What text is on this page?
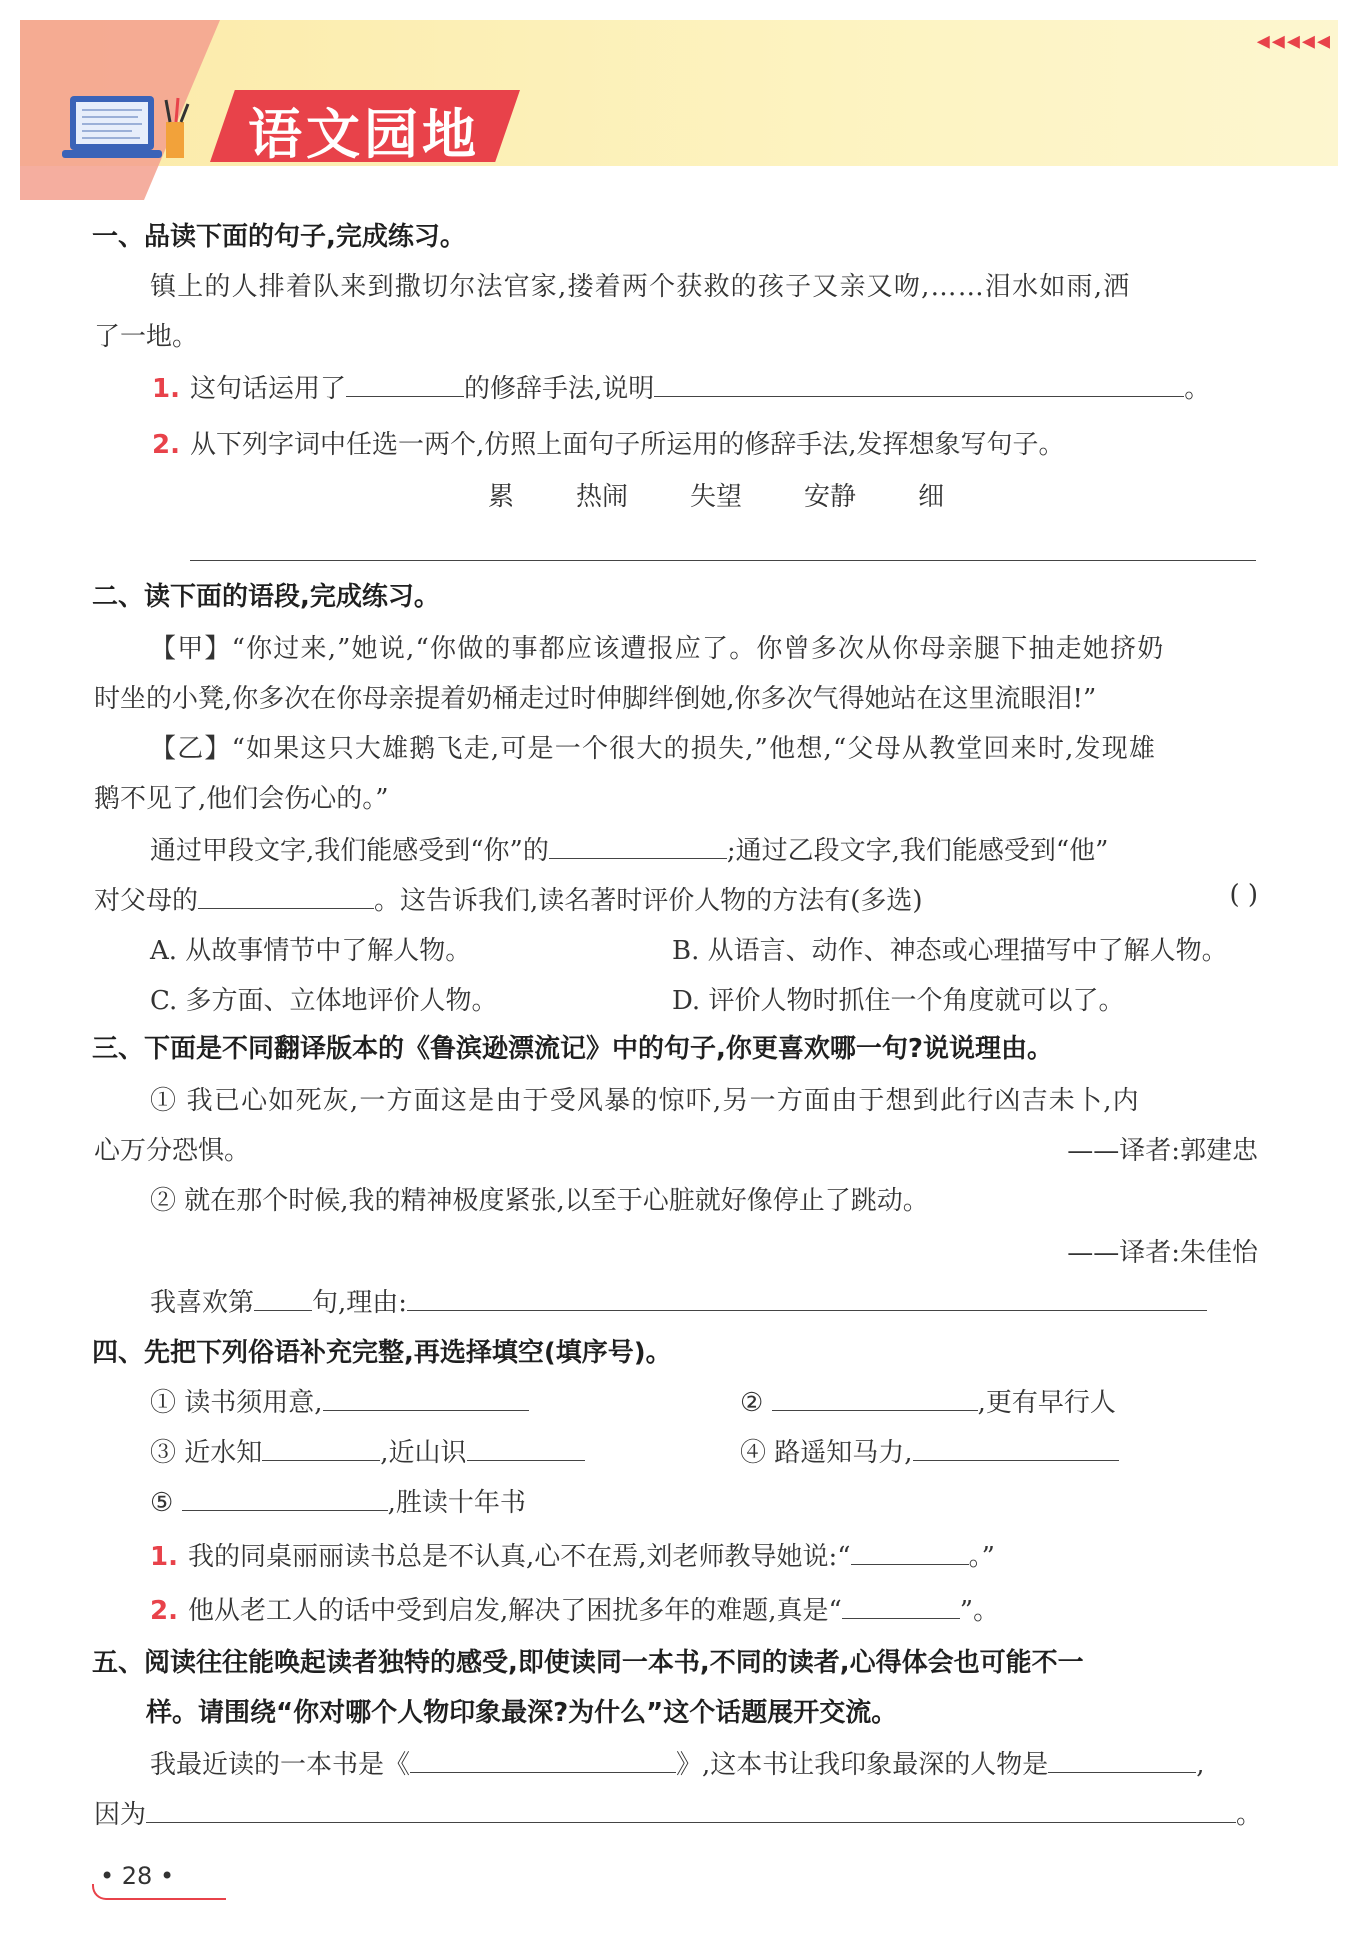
语文园地
◂◂◂◂◂
一、品读下面的句子,完成练习。
镇上的人排着队来到撒切尔法官家,搂着两个获救的孩子又亲又吻,……泪水如雨,洒
了一地。
1. 这句话运用了	的修辞手法,说明	。
2. 从下列字词中任选一两个,仿照上面句子所运用的修辞手法,发挥想象写句子。
累 热闹 失望 安静 细
二、读下面的语段,完成练习。
【甲】“你过来,”她说,“你做的事都应该遭报应了。你曾多次从你母亲腿下抽走她挤奶
时坐的小凳,你多次在你母亲提着奶桶走过时伸脚绊倒她,你多次气得她站在这里流眼泪!”
【乙】“如果这只大雄鹅飞走,可是一个很大的损失,”他想,“父母从教堂回来时,发现雄
鹅不见了,他们会伤心的。”
通过甲段文字,我们能感受到“你”的	;通过乙段文字,我们能感受到“他”
对父母的	。这告诉我们,读名著时评价人物的方法有(多选)	( )
A. 从故事情节中了解人物。	B. 从语言、动作、神态或心理描写中了解人物。
C. 多方面、立体地评价人物。	D. 评价人物时抓住一个角度就可以了。
三、下面是不同翻译版本的《鲁滨逊漂流记》中的句子,你更喜欢哪一句?说说理由。
① 我已心如死灰,一方面这是由于受风暴的惊吓,另一方面由于想到此行凶吉未卜,内
心万分恐惧。	——译者:郭建忠
② 就在那个时候,我的精神极度紧张,以至于心脏就好像停止了跳动。
——译者:朱佳怡
我喜欢第 句,理由:
四、先把下列俗语补充完整,再选择填空(填序号)。
① 读书须用意,	②	,更有早行人
③ 近水知	,近山识	④ 路遥知马力,
⑤	,胜读十年书
1. 我的同桌丽丽读书总是不认真,心不在焉,刘老师教导她说:“	。”
2. 他从老工人的话中受到启发,解决了困扰多年的难题,真是“	”。
五、阅读往往能唤起读者独特的感受,即使读同一本书,不同的读者,心得体会也可能不一
样。请围绕“你对哪个人物印象最深?为什么”这个话题展开交流。
我最近读的一本书是《	》,这本书让我印象最深的人物是	,
因为	。
• 28 •
